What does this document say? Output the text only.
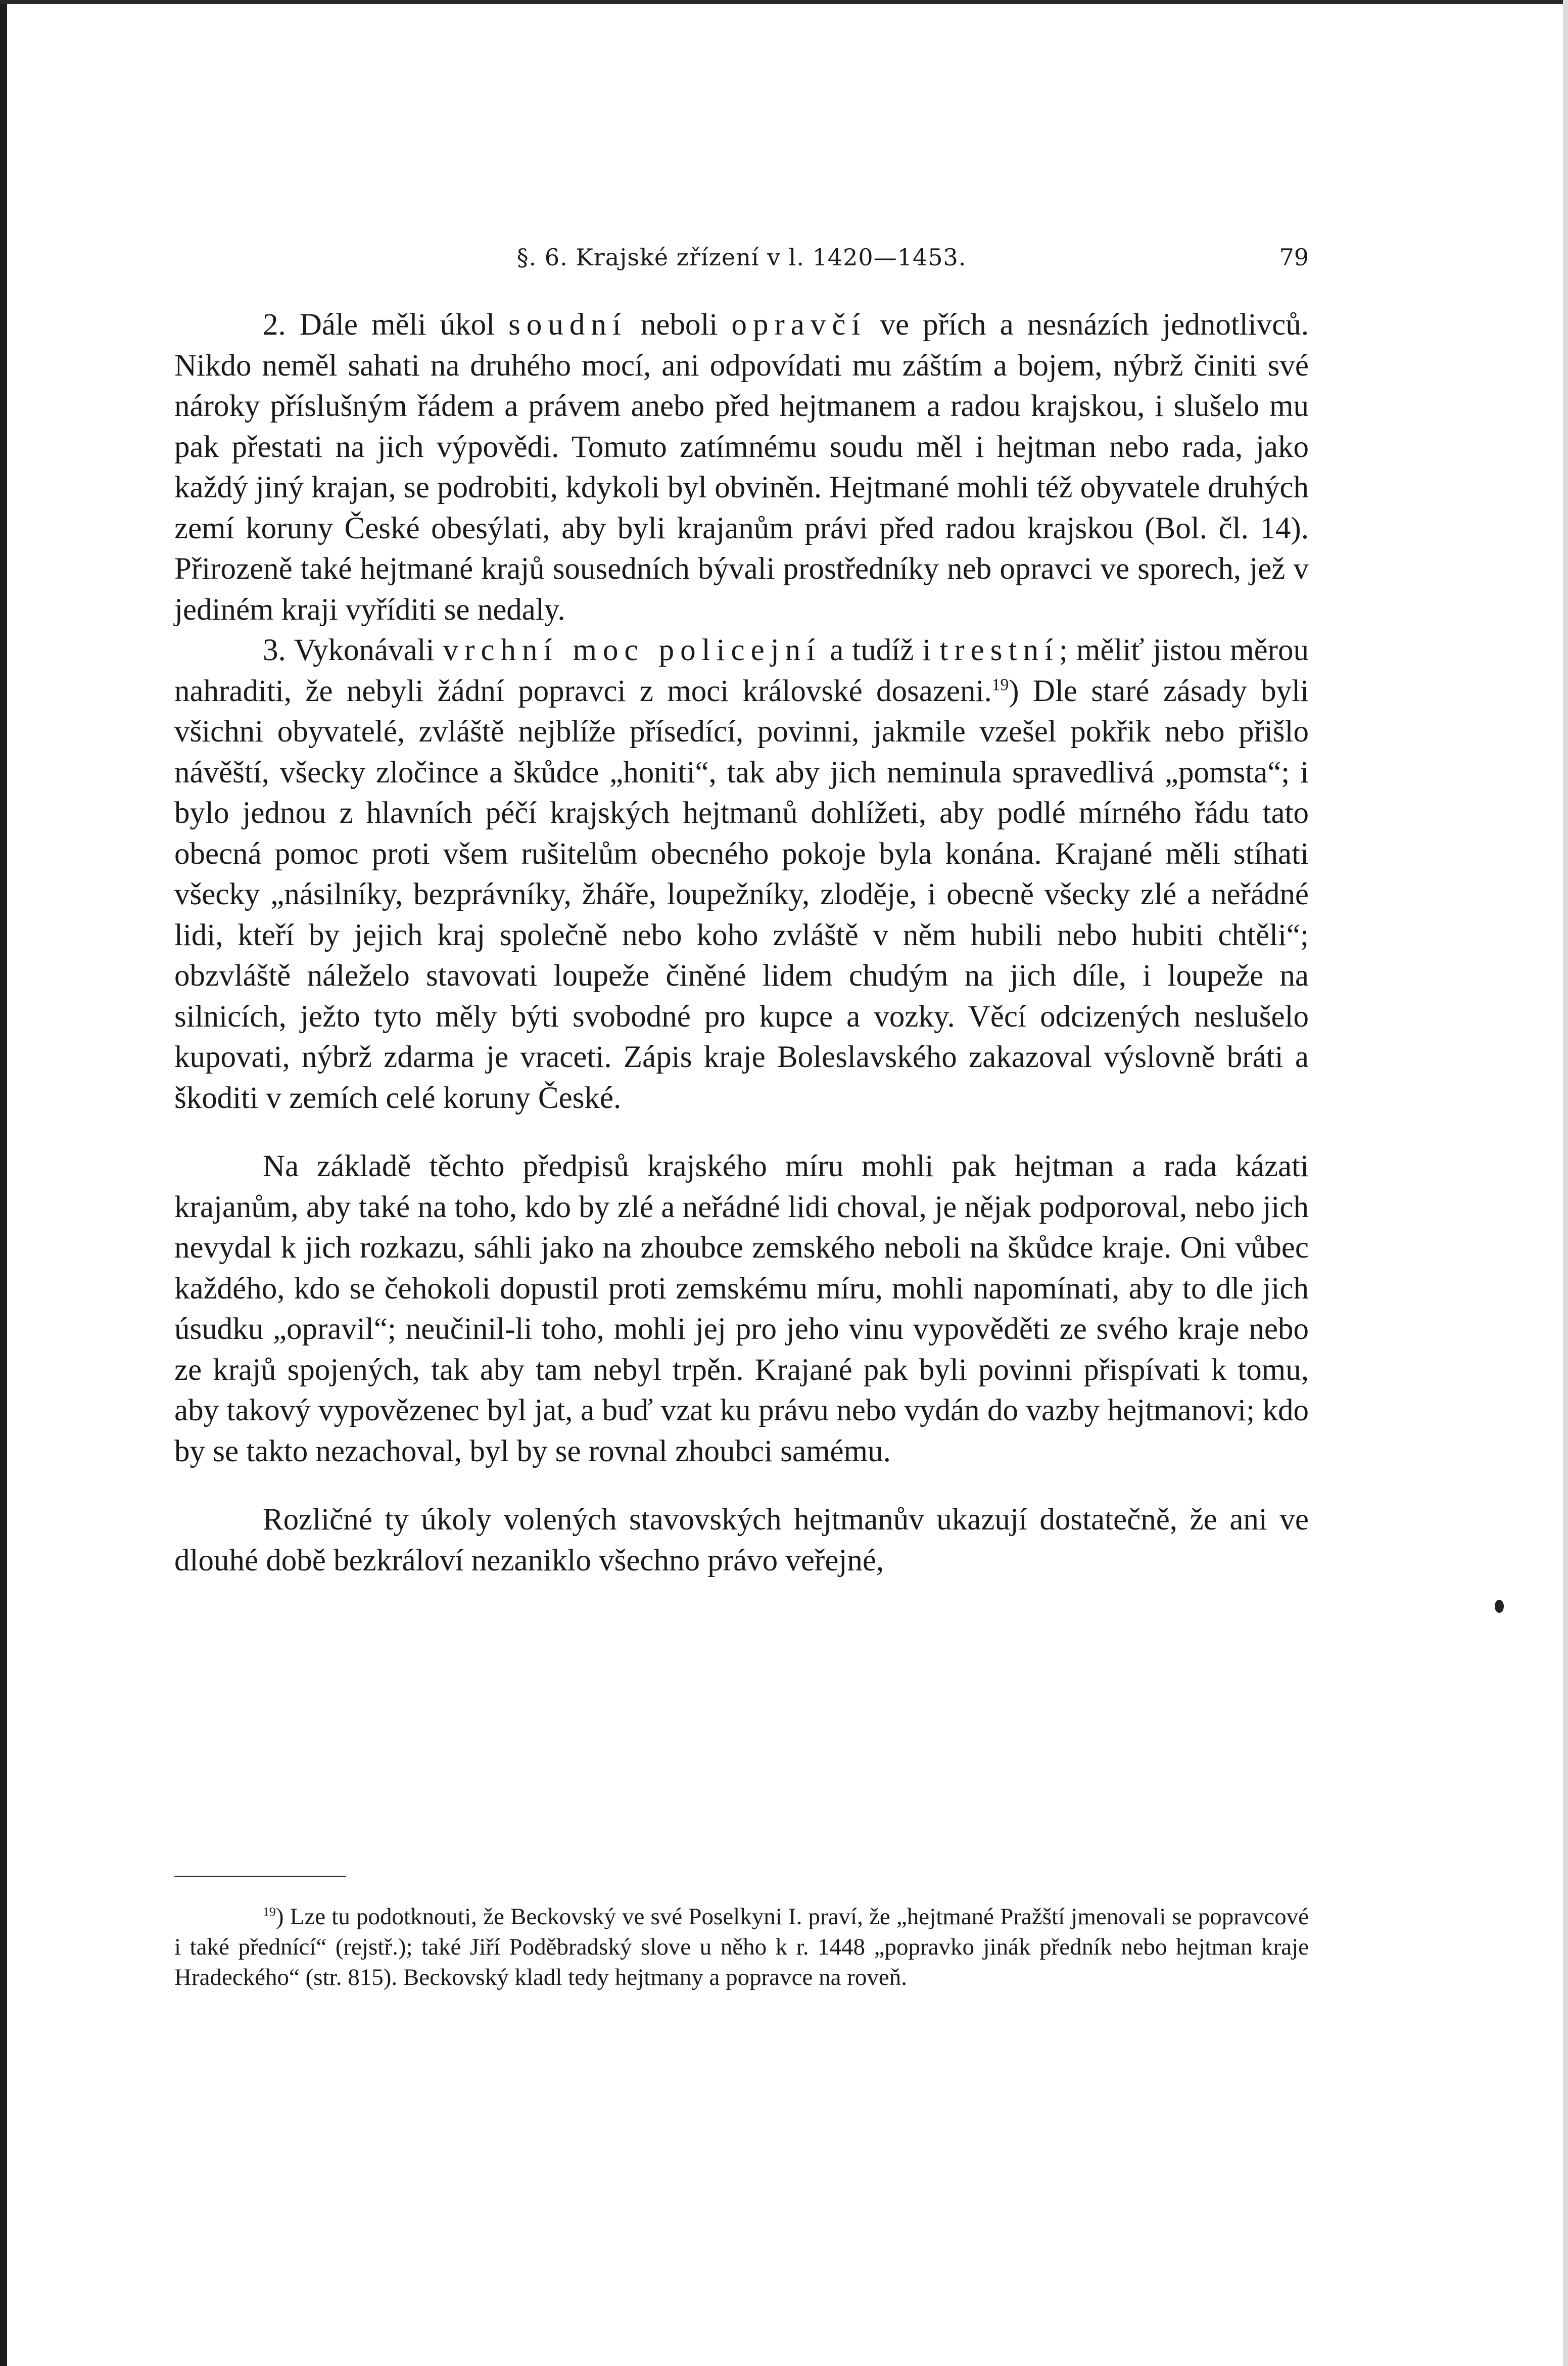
§. 6. Krajské zřízení v l. 1420—1453.	79

2. Dále měli úkol soudní neboli opravčí ve přích a nesnázích jednotlivců. Nikdo neměl sahati na druhého mocí, ani odpovídati mu záštím a bojem, nýbrž činiti své nároky příslušným řádem a právem anebo před hejtmanem a radou krajskou, i slušelo mu pak přestati na jich výpovědi. Tomuto zatímnému soudu měl i hejtman nebo rada, jako každý jiný krajan, se podrobiti, kdykoli byl obviněn. Hejtmané mohli též obyvatele druhých zemí koruny České obesýlati, aby byli krajanům právi před radou krajskou (Bol. čl. 14). Přirozeně také hejtmané krajů sousedních bývali prostředníky neb opravci ve sporech, jež v jediném kraji vyříditi se nedaly.

3. Vykonávali vrchní moc policejní a tudíž i trestní; měliť jistou měrou nahraditi, že nebyli žádní popravci z moci královské dosazeni.$^{19}$) Dle staré zásady byli všichni obyvatelé, zvláště nejblíže přísedící, povinni, jakmile vzešel pokřik nebo přišlo návěští, všecky zločince a škůdce „honiti“, tak aby jich neminula spravedlivá „pomsta“; i bylo jednou z hlavních péčí krajských hejtmanů dohlížeti, aby podlé mírného řádu tato obecná pomoc proti všem rušitelům obecného pokoje byla konána. Krajané měli stíhati všecky „násilníky, bezprávníky, žháře, loupežníky, zloděje, i obecně všecky zlé a neřádné lidi, kteří by jejich kraj společně nebo koho zvláště v něm hubili nebo hubiti chtěli“; obzvláště náleželo stavovati loupeže činěné lidem chudým na jich díle, i loupeže na silnicích, ježto tyto měly býti svobodné pro kupce a vozky. Věcí odcizených neslušelo kupovati, nýbrž zdarma je vraceti. Zápis kraje Boleslavského zakazoval výslovně bráti a škoditi v zemích celé koruny České.

Na základě těchto předpisů krajského míru mohli pak hejtman a rada kázati krajanům, aby také na toho, kdo by zlé a neřádné lidi choval, je nějak podporoval, nebo jich nevydal k jich rozkazu, sáhli jako na zhoubce zemského neboli na škůdce kraje. Oni vůbec každého, kdo se čehokoli dopustil proti zemskému míru, mohli napomínati, aby to dle jich úsudku „opravil“; neučinil-li toho, mohli jej pro jeho vinu vypověděti ze svého kraje nebo ze krajů spojených, tak aby tam nebyl trpěn. Krajané pak byli povinni přispívati k tomu, aby takový vypovězenec byl jat, a buď vzat ku právu nebo vydán do vazby hejtmanovi; kdo by se takto nezachoval, byl by se rovnal zhoubci samému.

Rozličné ty úkoly volených stavovských hejtmanův ukazují dostatečně, že ani ve dlouhé době bezkráloví nezaniklo všechno právo veřejné,

$^{19}$) Lze tu podotknouti, že Beckovský ve své Poselkyni I. praví, že „hejtmané Pražští jmenovali se popravcové i také přednící“ (rejstř.); také Jiří Poděbradský slove u něho k r. 1448 „popravko jinák předník nebo hejtman kraje Hradeckého“ (str. 815). Beckovský kladl tedy hejtmany a popravce na roveň.
